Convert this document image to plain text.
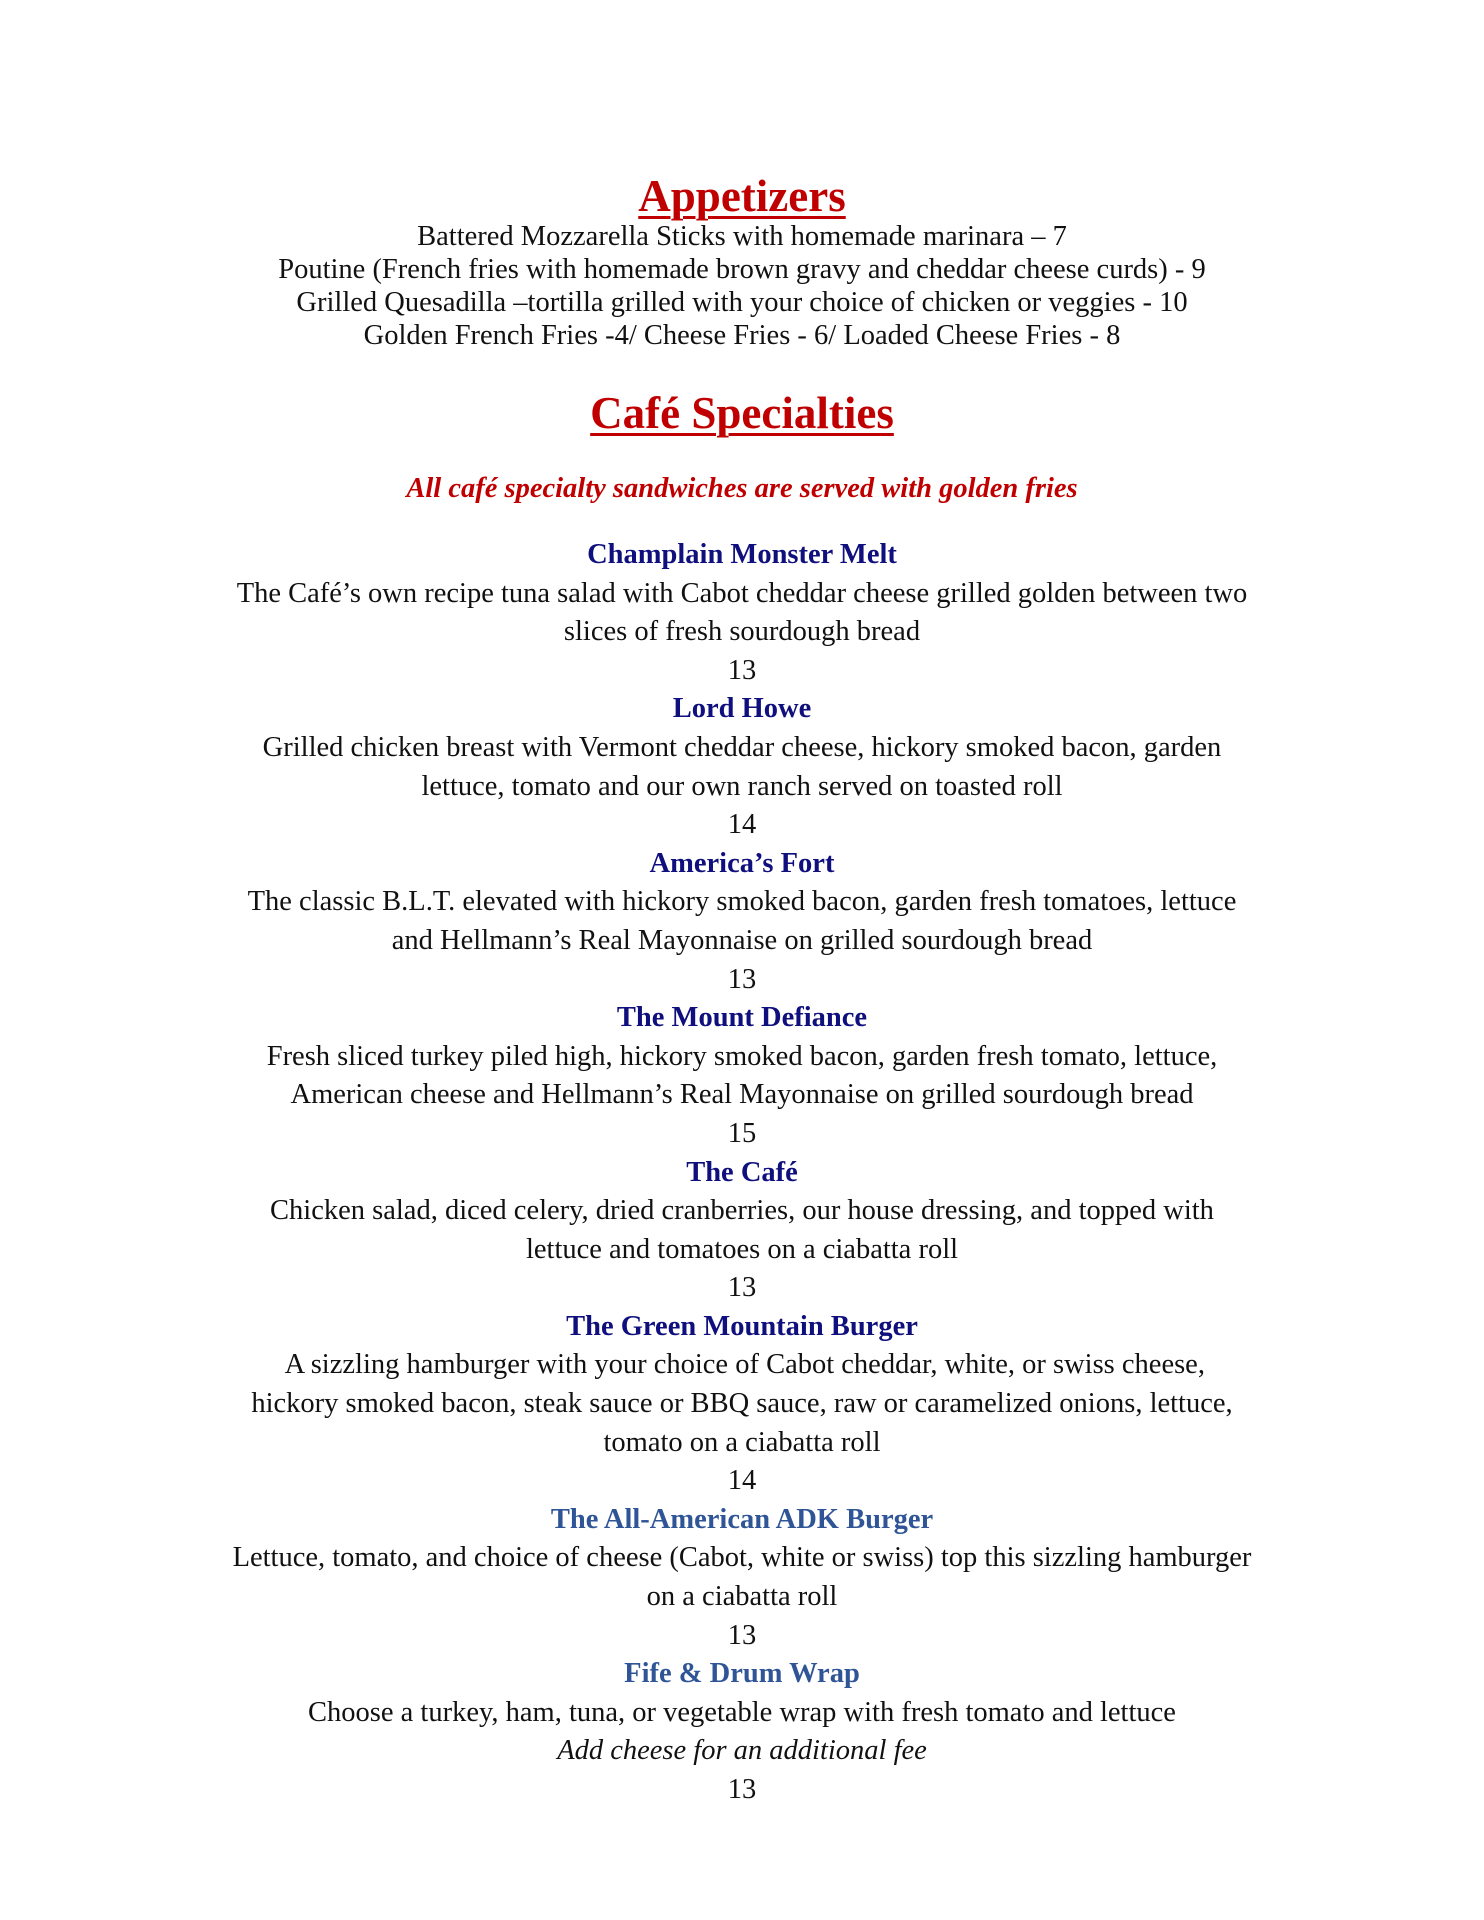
Appetizers

Battered Mozzarella Sticks with homemade marinara – 7

Poutine (French fries with homemade brown gravy and cheddar cheese curds) - 9

Grilled Quesadilla –tortilla grilled with your choice of chicken or veggies - 10

Golden French Fries -4/ Cheese Fries - 6/ Loaded Cheese Fries - 8

Café Specialties

All café specialty sandwiches are served with golden fries

Champlain Monster Melt

The Café’s own recipe tuna salad with Cabot cheddar cheese grilled golden between two

slices of fresh sourdough bread

13

Lord Howe

Grilled chicken breast with Vermont cheddar cheese, hickory smoked bacon, garden

lettuce, tomato and our own ranch served on toasted roll

14

America’s Fort

The classic B.L.T. elevated with hickory smoked bacon, garden fresh tomatoes, lettuce

and Hellmann’s Real Mayonnaise on grilled sourdough bread

13

The Mount Defiance

Fresh sliced turkey piled high, hickory smoked bacon, garden fresh tomato, lettuce,

American cheese and Hellmann’s Real Mayonnaise on grilled sourdough bread

15

The Café

Chicken salad, diced celery, dried cranberries, our house dressing, and topped with

lettuce and tomatoes on a ciabatta roll

13

The Green Mountain Burger

A sizzling hamburger with your choice of Cabot cheddar, white, or swiss cheese,

hickory smoked bacon, steak sauce or BBQ sauce, raw or caramelized onions, lettuce,

tomato on a ciabatta roll

14

The All-American ADK Burger

Lettuce, tomato, and choice of cheese (Cabot, white or swiss) top this sizzling hamburger

on a ciabatta roll

13

Fife & Drum Wrap

Choose a turkey, ham, tuna, or vegetable wrap with fresh tomato and lettuce

Add cheese for an additional fee

13
